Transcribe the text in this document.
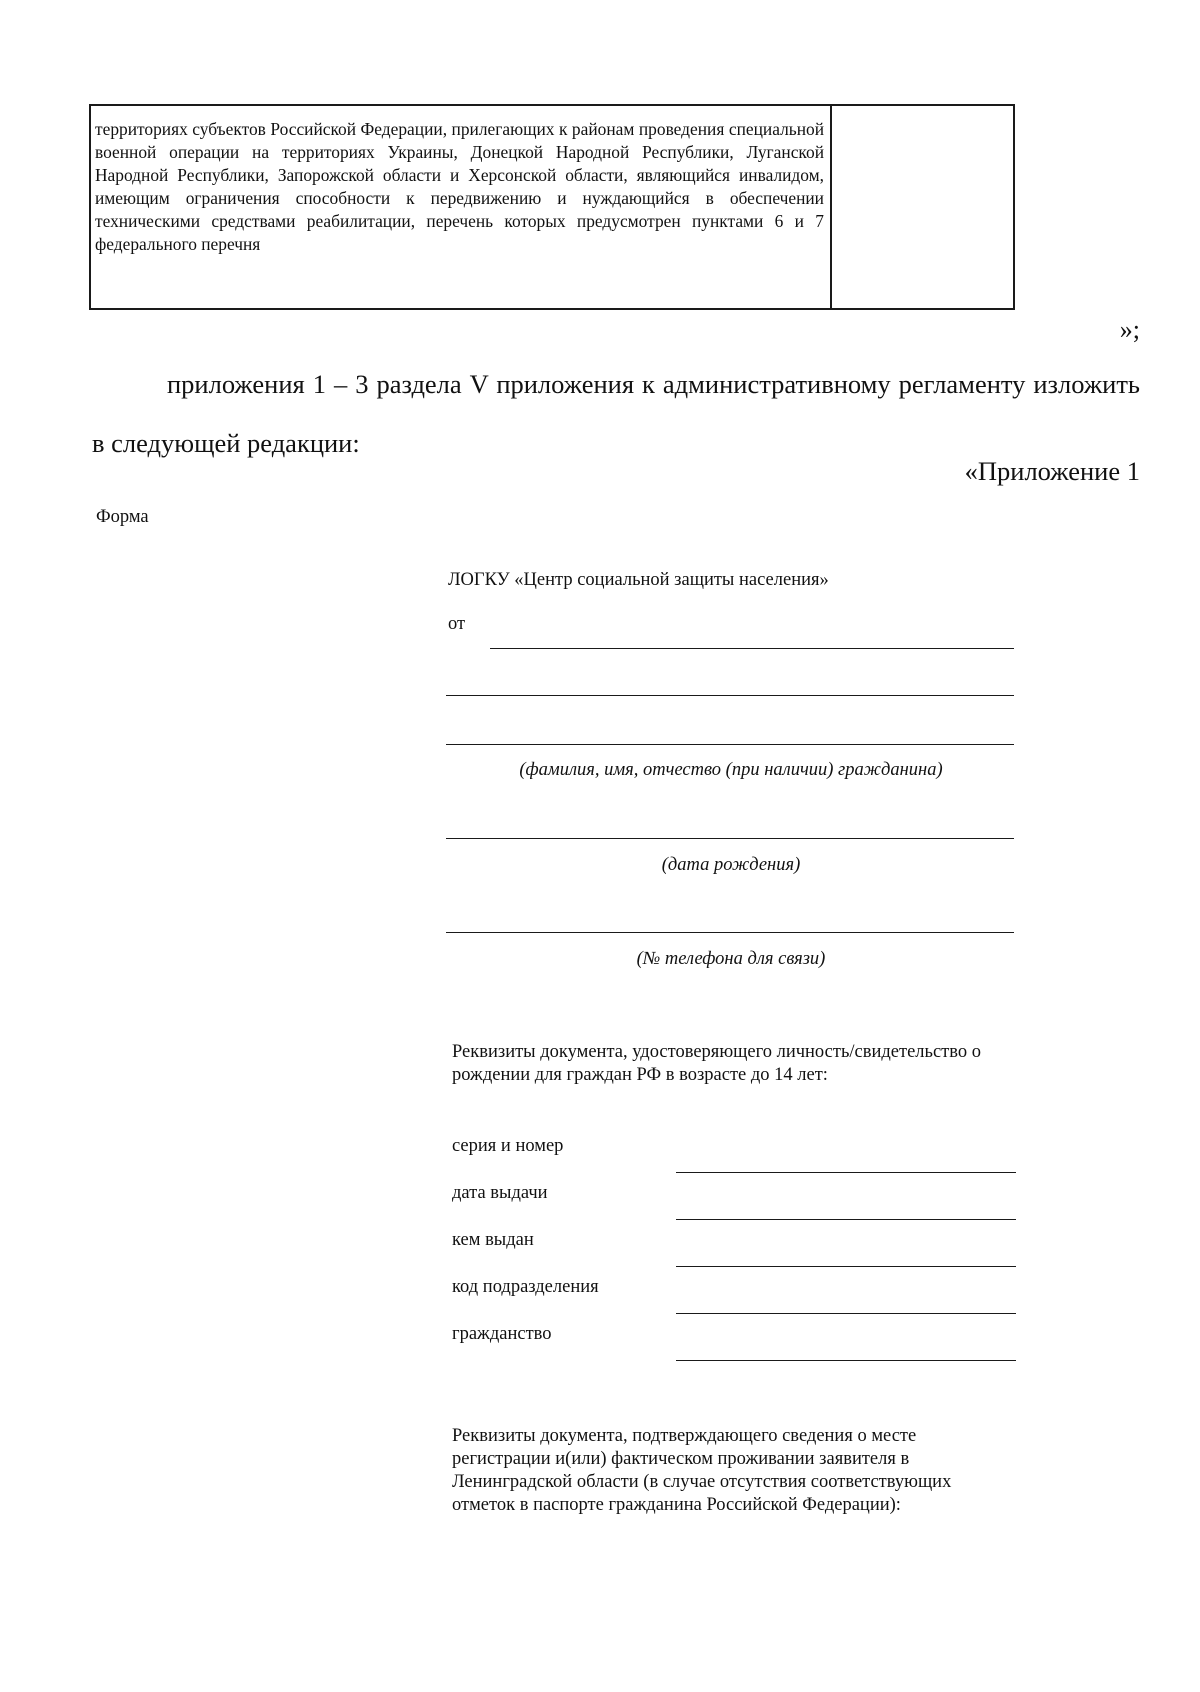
территориях субъектов Российской Федерации, прилегающих к районам проведения специальной военной операции на территориях Украины, Донецкой Народной Республики, Луганской Народной Республики, Запорожской области и Херсонской области, являющийся инвалидом, имеющим ограничения способности к передвижению и нуждающийся в обеспечении техническими средствами реабилитации, перечень которых предусмотрен пунктами 6 и 7 федерального перечня
»;
приложения 1 – 3 раздела V приложения к административному регламенту изложить в следующей редакции:
«Приложение 1
Форма
ЛОГКУ «Центр социальной защиты населения»
от
(фамилия, имя, отчество (при наличии) гражданина)
(дата рождения)
(№ телефона для связи)
Реквизиты документа, удостоверяющего личность/свидетельство о рождении для граждан РФ в возрасте до 14 лет:
серия и номер
дата выдачи
кем выдан
код подразделения
гражданство
Реквизиты документа, подтверждающего сведения о месте регистрации и(или) фактическом проживании заявителя в Ленинградской области (в случае отсутствия соответствующих отметок в паспорте гражданина Российской Федерации):
